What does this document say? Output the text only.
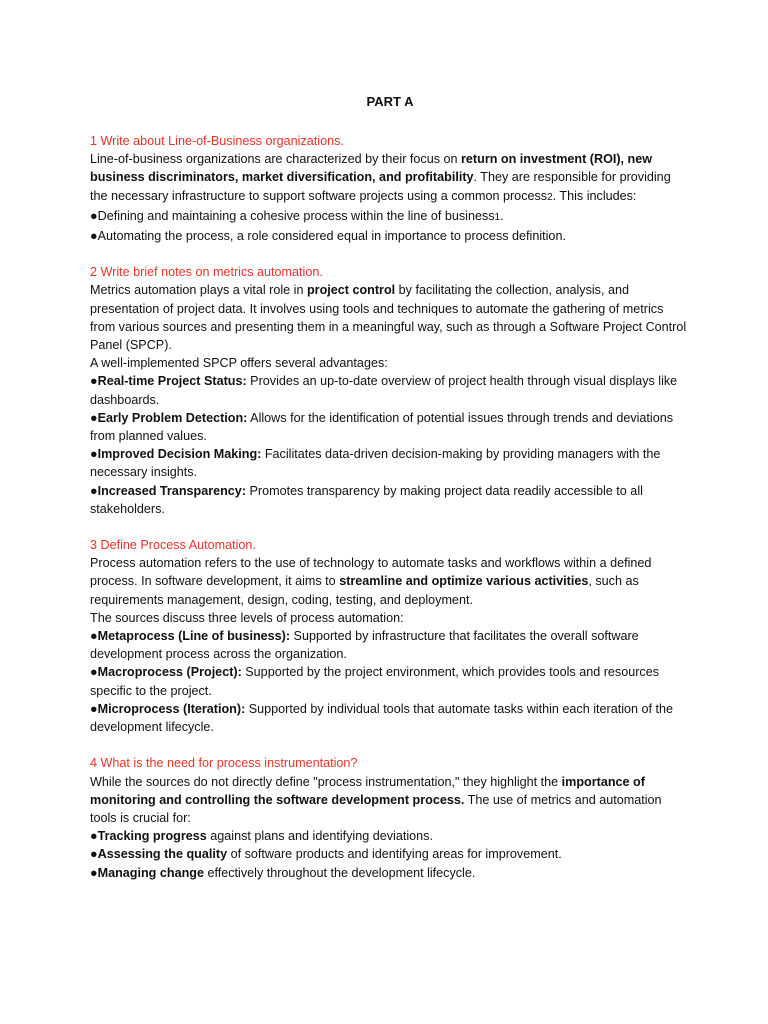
PART A

1 Write about Line-of-Business organizations.

Line-of-business organizations are characterized by their focus on return on investment (ROI), new business discriminators, market diversification, and profitability. They are responsible for providing the necessary infrastructure to support software projects using a common process2. This includes:

●Defining and maintaining a cohesive process within the line of business1.

●Automating the process, a role considered equal in importance to process definition.

2 Write brief notes on metrics automation.

Metrics automation plays a vital role in project control by facilitating the collection, analysis, and presentation of project data. It involves using tools and techniques to automate the gathering of metrics from various sources and presenting them in a meaningful way, such as through a Software Project Control Panel (SPCP).

A well-implemented SPCP offers several advantages:

●Real-time Project Status: Provides an up-to-date overview of project health through visual displays like dashboards.

●Early Problem Detection: Allows for the identification of potential issues through trends and deviations from planned values.

●Improved Decision Making: Facilitates data-driven decision-making by providing managers with the necessary insights.

●Increased Transparency: Promotes transparency by making project data readily accessible to all stakeholders.

3 Define Process Automation.

Process automation refers to the use of technology to automate tasks and workflows within a defined process. In software development, it aims to streamline and optimize various activities, such as requirements management, design, coding, testing, and deployment.

The sources discuss three levels of process automation:

●Metaprocess (Line of business): Supported by infrastructure that facilitates the overall software development process across the organization.

●Macroprocess (Project): Supported by the project environment, which provides tools and resources specific to the project.

●Microprocess (Iteration): Supported by individual tools that automate tasks within each iteration of the development lifecycle.

4 What is the need for process instrumentation?

While the sources do not directly define "process instrumentation," they highlight the importance of monitoring and controlling the software development process. The use of metrics and automation tools is crucial for:

●Tracking progress against plans and identifying deviations.

●Assessing the quality of software products and identifying areas for improvement.

●Managing change effectively throughout the development lifecycle.
